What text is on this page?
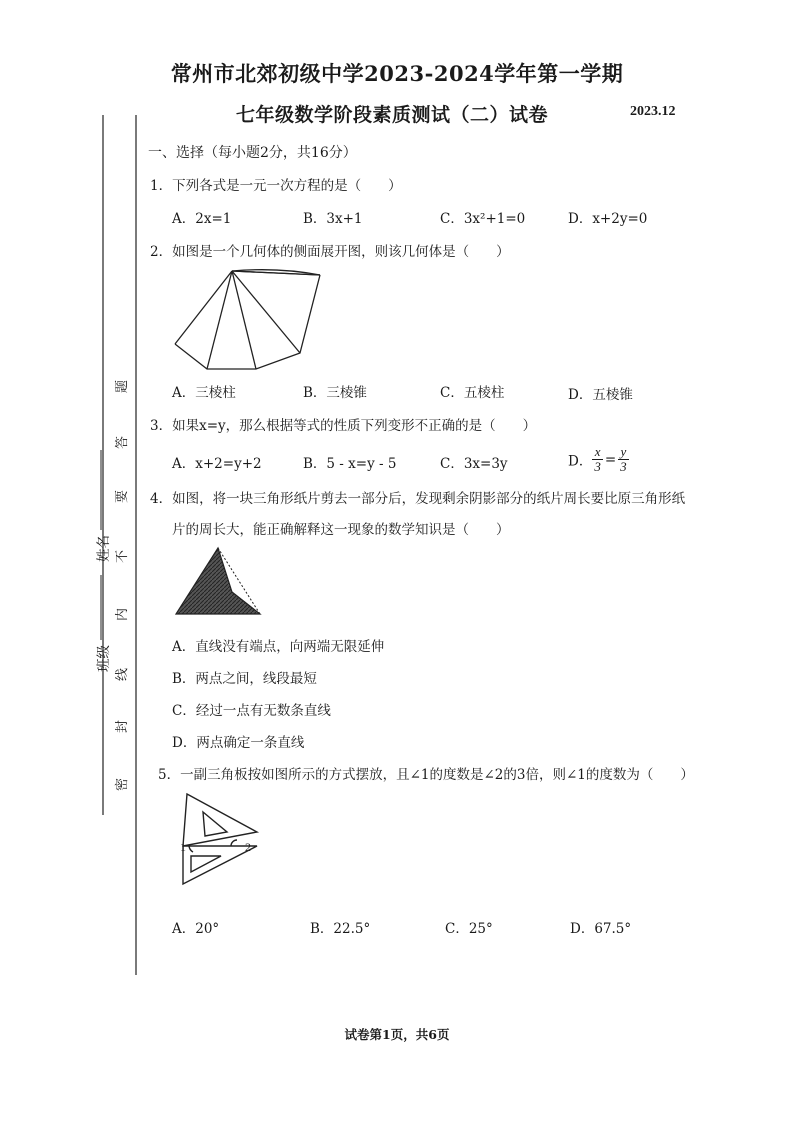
常州市北郊初级中学2023-2024学年第一学期
七年级数学阶段素质测试（二）试卷	2023.12
班级
姓名
密
封
线
内
不
要
答
题
一、选择（每小题2分，共16分）
1．下列各式是一元一次方程的是（　　）
A．2x=1	B．3x+1	C．3x²+1=0	D．x+2y=0
2．如图是一个几何体的侧面展开图，则该几何体是（　　）
A．三棱柱	B．三棱锥	C．五棱柱	D．五棱锥
3．如果x=y，那么根据等式的性质下列变形不正确的是（　　）
A．x+2=y+2	B．5 - x=y - 5	C．3x=3y	D． $\frac{x}{3} = \frac{y}{3}$
4．如图，将一块三角形纸片剪去一部分后，发现剩余阴影部分的纸片周长要比原三角形纸
片的周长大，能正确解释这一现象的数学知识是（　　）
A．直线没有端点，向两端无限延伸
B．两点之间，线段最短
C．经过一点有无数条直线
D．两点确定一条直线
5．一副三角板按如图所示的方式摆放，且∠1的度数是∠2的3倍，则∠1的度数为（　　）
1	2
A．20°	B．22.5°	C．25°	D．67.5°
试卷第1页，共6页
